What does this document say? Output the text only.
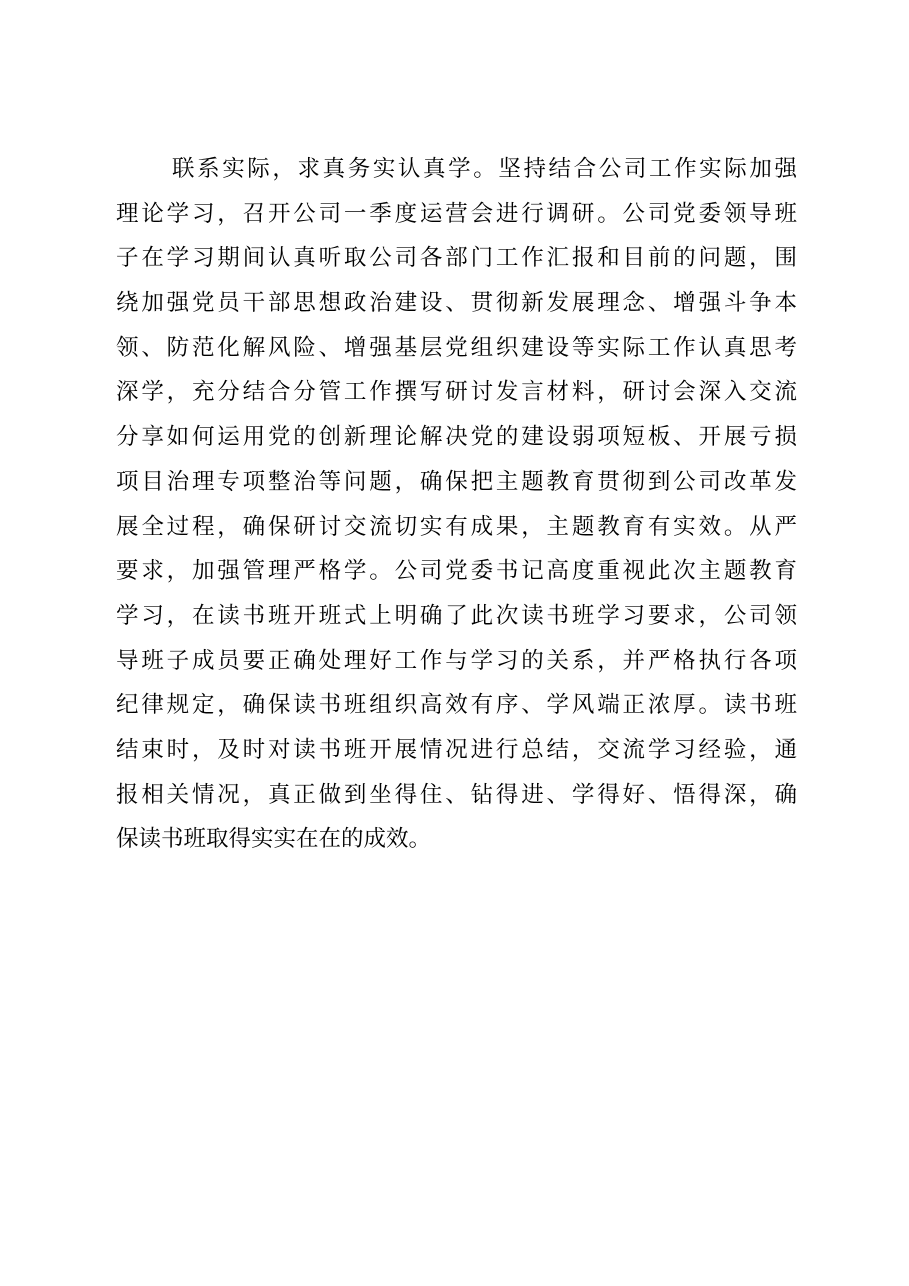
联系实际，求真务实认真学。坚持结合公司工作实际加强
理论学习，召开公司一季度运营会进行调研。公司党委领导班
子在学习期间认真听取公司各部门工作汇报和目前的问题，围
绕加强党员干部思想政治建设、贯彻新发展理念、增强斗争本
领、防范化解风险、增强基层党组织建设等实际工作认真思考
深学，充分结合分管工作撰写研讨发言材料，研讨会深入交流
分享如何运用党的创新理论解决党的建设弱项短板、开展亏损
项目治理专项整治等问题，确保把主题教育贯彻到公司改革发
展全过程，确保研讨交流切实有成果，主题教育有实效。从严
要求，加强管理严格学。公司党委书记高度重视此次主题教育
学习，在读书班开班式上明确了此次读书班学习要求，公司领
导班子成员要正确处理好工作与学习的关系，并严格执行各项
纪律规定，确保读书班组织高效有序、学风端正浓厚。读书班
结束时，及时对读书班开展情况进行总结，交流学习经验，通
报相关情况，真正做到坐得住、钻得进、学得好、悟得深，确
保读书班取得实实在在的成效。
